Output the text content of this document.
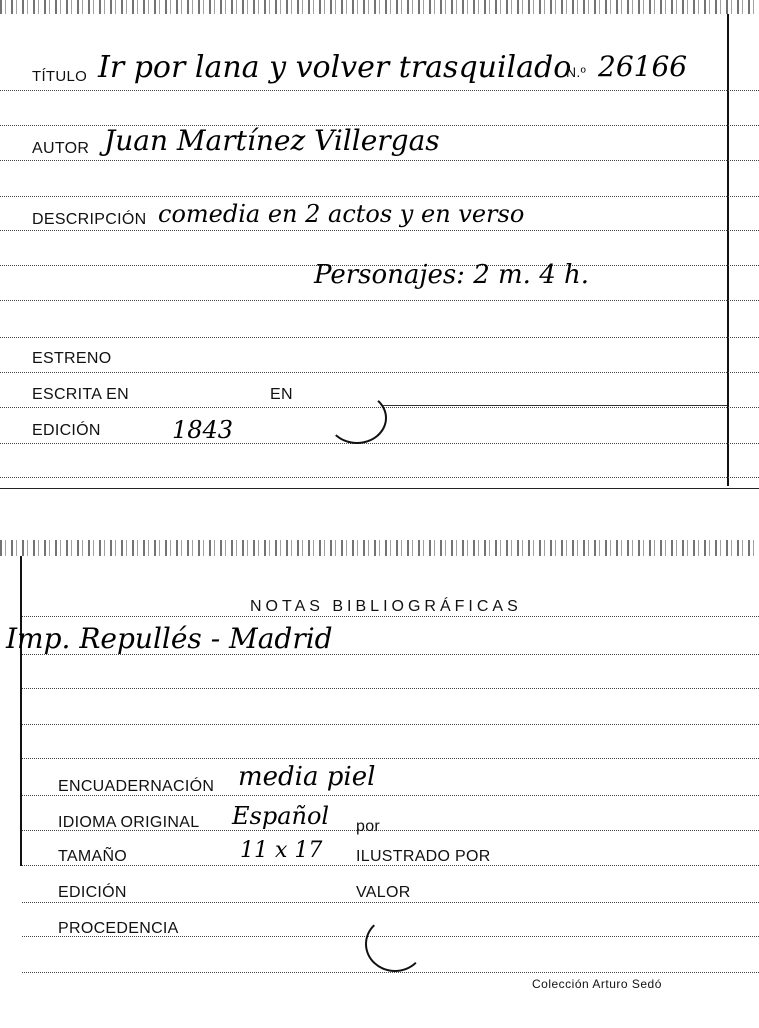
TÍTULO Ir por lana y volver trasquilado
N.º 26166
AUTOR Juan Martínez Villergas
DESCRIPCIÓN comedia en 2 actos y en verso
Personajes: 2 m. 4 h.
ESTRENO
ESCRITA EN	EN
EDICIÓN	1843
NOTAS BIBLIOGRÁFICAS
Imp. Repullés - Madrid
ENCUADERNACIÓN media piel
IDIOMA ORIGINAL Español por
TAMAÑO	11 x 17 ILUSTRADO POR
EDICIÓN	VALOR
PROCEDENCIA
Colección Arturo Sedó
